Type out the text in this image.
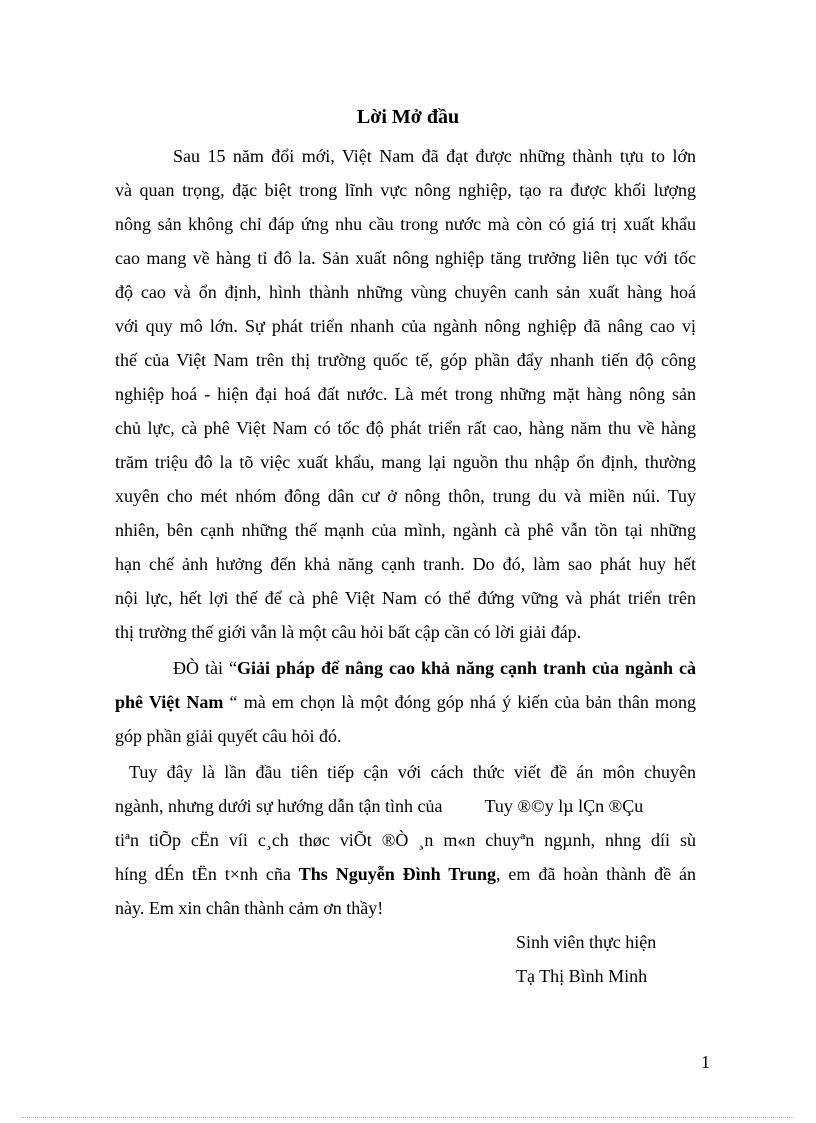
Lời Mở đầu
Sau 15 năm đổi mới, Việt Nam đã đạt được những thành tựu to lớn
và quan trọng, đặc biệt trong lĩnh vực nông nghiệp, tạo ra được khối lượng
nông sản không chỉ đáp ứng nhu cầu trong nước mà còn có giá trị xuất khẩu
cao mang về hàng tỉ đô la. Sản xuất nông nghiệp tăng trưởng liên tục với tốc
độ cao và ổn định, hình thành những vùng chuyên canh sản xuất hàng hoá
với quy mô lớn. Sự phát triển nhanh của ngành nông nghiệp đã nâng cao vị
thế của Việt Nam trên thị trường quốc tế, góp phần đẩy nhanh tiến độ công
nghiệp hoá - hiện đại hoá đất nước. Là mét trong những mặt hàng nông sản
chủ lực, cà phê Việt Nam có tốc độ phát triển rất cao, hàng năm thu về hàng
trăm triệu đô la tõ việc xuất khẩu, mang lại nguồn thu nhập ổn định, thường
xuyên cho mét nhóm đông dân cư ở nông thôn, trung du và miền núi. Tuy
nhiên, bên cạnh những thế mạnh của mình, ngành cà phê vẫn tồn tại những
hạn chế ảnh hưởng đến khả năng cạnh tranh. Do đó, làm sao phát huy hết
nội lực, hết lợi thế để cà phê Việt Nam có thể đứng vững và phát triển trên
thị trường thế giới vẫn là một câu hỏi bất cập cần có lời giải đáp.
ĐÒ tài “Giải pháp để nâng cao khả năng cạnh tranh của ngành cà
phê Việt Nam “ mà em chọn là một đóng góp nhá ý kiến của bản thân mong
góp phần giải quyết câu hỏi đó.
Tuy đây là lần đầu tiên tiếp cận với cách thức viết đề án môn chuyên
ngành, nhưng dưới sự hướng dẫn tận tình của Tuy ®©y lµ lÇn ®Çu
tiªn tiÕp cËn víi c¸ch thøc viÕt ®Ò ¸n m«n chuyªn ngµnh, nhng díi sù
híng dÉn tËn t×nh cña Ths Nguyễn Đình Trung, em đã hoàn thành đề án
này. Em xin chân thành cảm ơn thầy!
Sinh viên thực hiện
Tạ Thị Bình Minh
1
